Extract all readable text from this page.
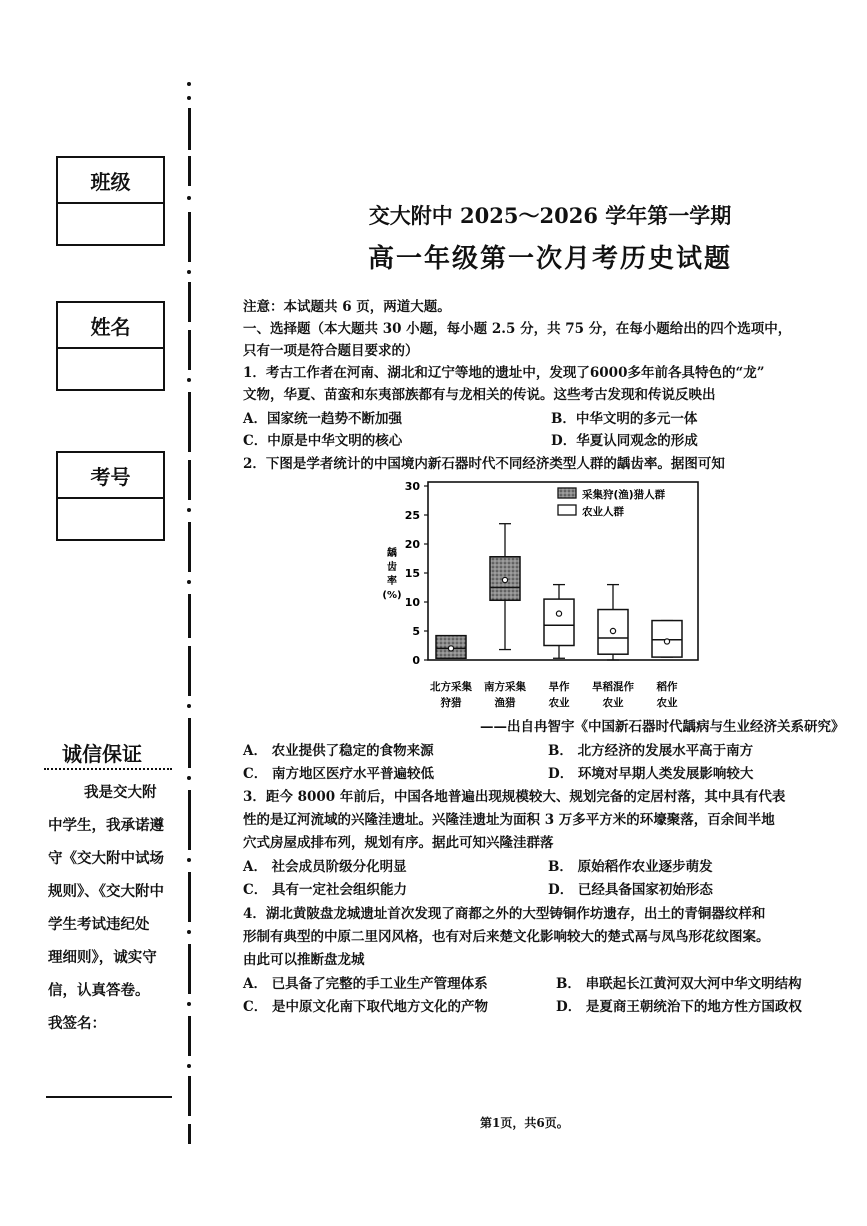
班级
姓名
考号
诚信保证
我是交大附
中学生，我承诺遵
守《交大附中试场
规则》、《交大附中
学生考试违纪处
理细则》，诚实守
信，认真答卷。
我签名：
交大附中 2025～2026 学年第一学期
高一年级第一次月考历史试题
注意：本试题共 6 页，两道大题。
一、选择题（本大题共 30 小题，每小题 2.5 分，共 75 分，在每小题给出的四个选项中，
只有一项是符合题目要求的）
1．考古工作者在河南、湖北和辽宁等地的遗址中，发现了6000多年前各具特色的“龙”
文物，华夏、苗蛮和东夷部族都有与龙相关的传说。这些考古发现和传说反映出
A．国家统一趋势不断加强	B．中华文明的多元一体
C．中原是中华文明的核心	D．华夏认同观念的形成
2．下图是学者统计的中国境内新石器时代不同经济类型人群的龋齿率。据图可知
0
5
10
15
20
25
30
龋
齿
率
(%)
北方采集
狩猎
南方采集
渔猎
旱作
农业
旱稻混作
农业
稻作
农业
采集狩(渔)猎人群
农业人群
——出自冉智宇《中国新石器时代龋病与生业经济关系研究》
A． 农业提供了稳定的食物来源	B． 北方经济的发展水平高于南方
C． 南方地区医疗水平普遍较低	D． 环境对早期人类发展影响较大
3．距今 8000 年前后，中国各地普遍出现规模较大、规划完备的定居村落，其中具有代表
性的是辽河流域的兴隆洼遗址。兴隆洼遗址为面积 3 万多平方米的环壕聚落，百余间半地
穴式房屋成排布列，规划有序。据此可知兴隆洼群落
A． 社会成员阶级分化明显	B． 原始稻作农业逐步萌发
C． 具有一定社会组织能力	D． 已经具备国家初始形态
4．湖北黄陂盘龙城遗址首次发现了商都之外的大型铸铜作坊遗存，出土的青铜器纹样和
形制有典型的中原二里冈风格，也有对后来楚文化影响较大的楚式鬲与凤鸟形花纹图案。
由此可以推断盘龙城
A． 已具备了完整的手工业生产管理体系	B． 串联起长江黄河双大河中华文明结构
C． 是中原文化南下取代地方文化的产物	D． 是夏商王朝统治下的地方性方国政权
第1页，共6页。
